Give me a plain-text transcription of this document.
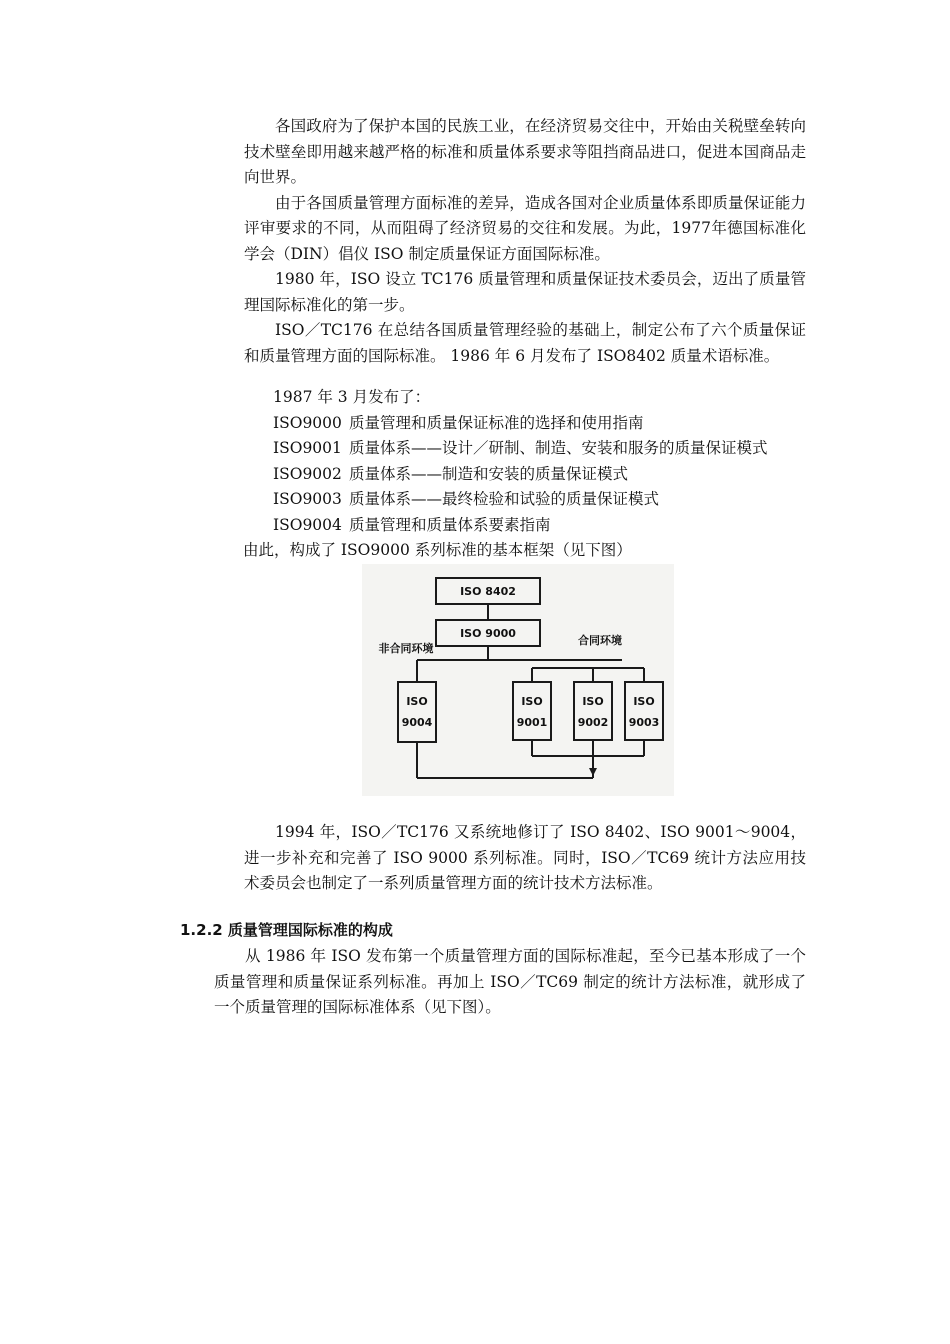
各国政府为了保护本国的民族工业，在经济贸易交往中，开始由关税壁垒转向技术壁垒即用越来越严格的标准和质量体系要求等阻挡商品进口，促进本国商品走向世界。

由于各国质量管理方面标准的差异，造成各国对企业质量体系即质量保证能力评审要求的不同，从而阻碍了经济贸易的交往和发展。为此，1977年德国标准化学会（DIN）倡仪 ISO 制定质量保证方面国际标准。

1980 年，ISO 设立 TC176 质量管理和质量保证技术委员会，迈出了质量管理国际标准化的第一步。

ISO／TC176 在总结各国质量管理经验的基础上，制定公布了六个质量保证和质量管理方面的国际标准。 1986 年 6 月发布了 ISO8402 质量术语标准。

1987 年 3 月发布了：
ISO9000 质量管理和质量保证标准的选择和使用指南
ISO9001 质量体系——设计／研制、制造、安装和服务的质量保证模式
ISO9002 质量体系——制造和安装的质量保证模式
ISO9003 质量体系——最终检验和试验的质量保证模式
ISO9004 质量管理和质量体系要素指南
由此，构成了 ISO9000 系列标准的基本框架（见下图）
ISO 8402
ISO 9000
非合同环境
合同环境
ISO
9004
ISO
9001
ISO
9002
ISO
9003

1994 年，ISO／TC176 又系统地修订了 ISO 8402、ISO 9001～9004，进一步补充和完善了 ISO 9000 系列标准。同时，ISO／TC69 统计方法应用技术委员会也制定了一系列质量管理方面的统计技术方法标准。

1.2.2 质量管理国际标准的构成

从 1986 年 ISO 发布第一个质量管理方面的国际标准起，至今已基本形成了一个质量管理和质量保证系列标准。再加上 ISO／TC69 制定的统计方法标准，就形成了一个质量管理的国际标准体系（见下图）。
